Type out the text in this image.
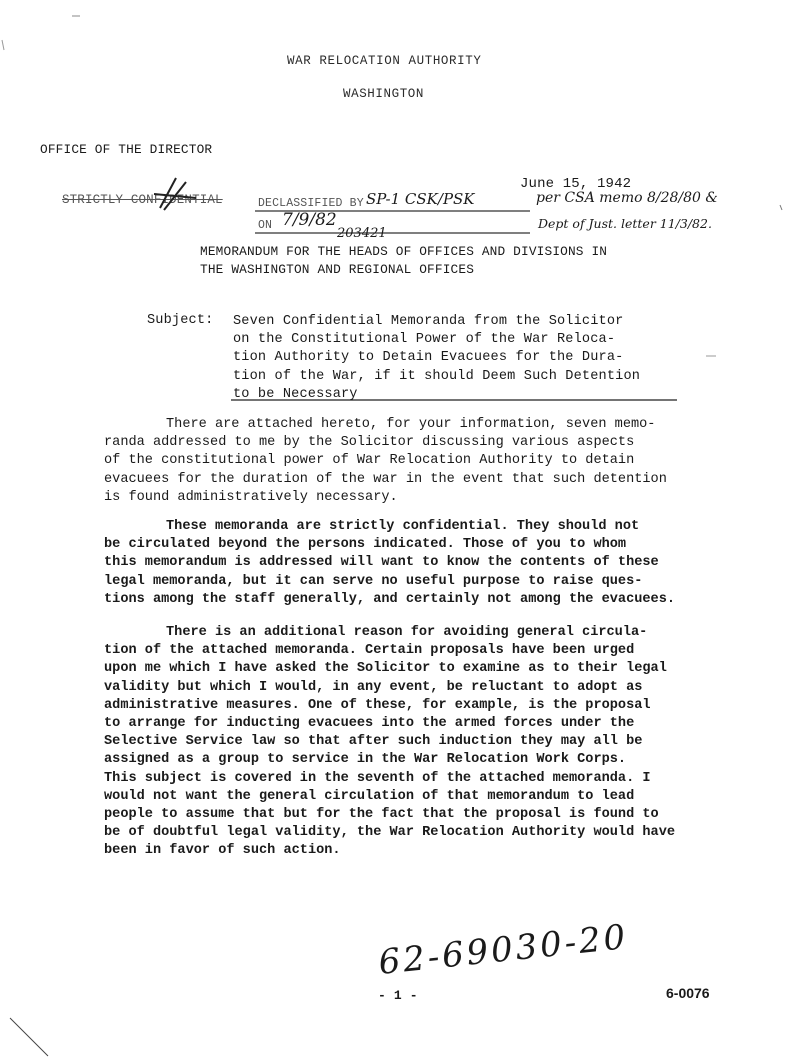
WAR RELOCATION AUTHORITY
WASHINGTON
OFFICE OF THE DIRECTOR
STRICTLY CONFIDENTIAL
June 15, 1942
DECLASSIFIED BY SP-1 CSK/PSK
ON 7/9/82
203421
per CSA memo 8/28/80 &
Dept of Just. letter 11/3/82.
MEMORANDUM FOR THE HEADS OF OFFICES AND DIVISIONS IN
THE WASHINGTON AND REGIONAL OFFICES
Subject: Seven Confidential Memoranda from the Solicitor
on the Constitutional Power of the War Reloca-
tion Authority to Detain Evacuees for the Dura-
tion of the War, if it should Deem Such Detention
to be Necessary
There are attached hereto, for your information, seven memo-
randa addressed to me by the Solicitor discussing various aspects
of the constitutional power of War Relocation Authority to detain
evacuees for the duration of the war in the event that such detention
is found administratively necessary.
These memoranda are strictly confidential. They should not
be circulated beyond the persons indicated. Those of you to whom
this memorandum is addressed will want to know the contents of these
legal memoranda, but it can serve no useful purpose to raise ques-
tions among the staff generally, and certainly not among the evacuees.
There is an additional reason for avoiding general circula-
tion of the attached memoranda. Certain proposals have been urged
upon me which I have asked the Solicitor to examine as to their legal
validity but which I would, in any event, be reluctant to adopt as
administrative measures. One of these, for example, is the proposal
to arrange for inducting evacuees into the armed forces under the
Selective Service law so that after such induction they may all be
assigned as a group to service in the War Relocation Work Corps.
This subject is covered in the seventh of the attached memoranda. I
would not want the general circulation of that memorandum to lead
people to assume that but for the fact that the proposal is found to
be of doubtful legal validity, the War Relocation Authority would have
been in favor of such action.
62-69030-20
- 1 -	6-0076
